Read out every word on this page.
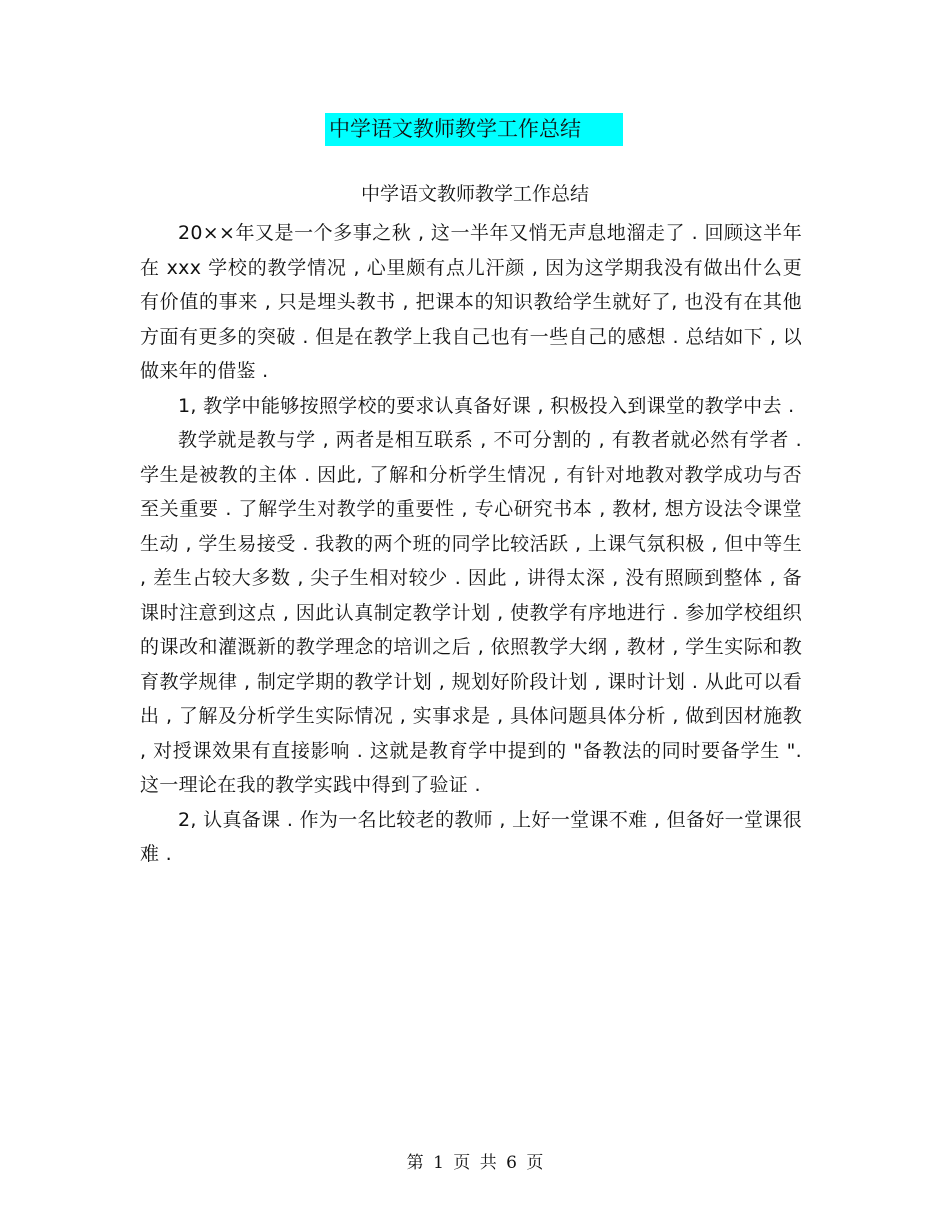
中学语文教师教学工作总结
中学语文教师教学工作总结

20××年又是一个多事之秋 , 这一半年又悄无声息地溜走了 . 回顾这半年在 xxx 学校的教学情况 , 心里颇有点儿汗颜 , 因为这学期我没有做出什么更有价值的事来 , 只是埋头教书 , 把课本的知识教给学生就好了, 也没有在其他方面有更多的突破 . 但是在教学上我自己也有一些自己的感想 . 总结如下 , 以做来年的借鉴 .

1, 教学中能够按照学校的要求认真备好课 , 积极投入到课堂的教学中去 .

教学就是教与学 , 两者是相互联系 , 不可分割的 , 有教者就必然有学者 . 学生是被教的主体 . 因此, 了解和分析学生情况 , 有针对地教对教学成功与否至关重要 . 了解学生对教学的重要性 , 专心研究书本 , 教材, 想方设法令课堂生动 , 学生易接受 . 我教的两个班的同学比较活跃 , 上课气氛积极 , 但中等生 , 差生占较大多数 , 尖子生相对较少 . 因此 , 讲得太深 , 没有照顾到整体 , 备课时注意到这点 , 因此认真制定教学计划 , 使教学有序地进行 . 参加学校组织的课改和灌溉新的教学理念的培训之后 , 依照教学大纲 , 教材 , 学生实际和教育教学规律 , 制定学期的教学计划 , 规划好阶段计划 , 课时计划 . 从此可以看出 , 了解及分析学生实际情况 , 实事求是 , 具体问题具体分析 , 做到因材施教 , 对授课效果有直接影响 . 这就是教育学中提到的 "备教法的同时要备学生 ". 这一理论在我的教学实践中得到了验证 .

2, 认真备课 . 作为一名比较老的教师 , 上好一堂课不难 , 但备好一堂课很难 .

第 1 页 共 6 页
